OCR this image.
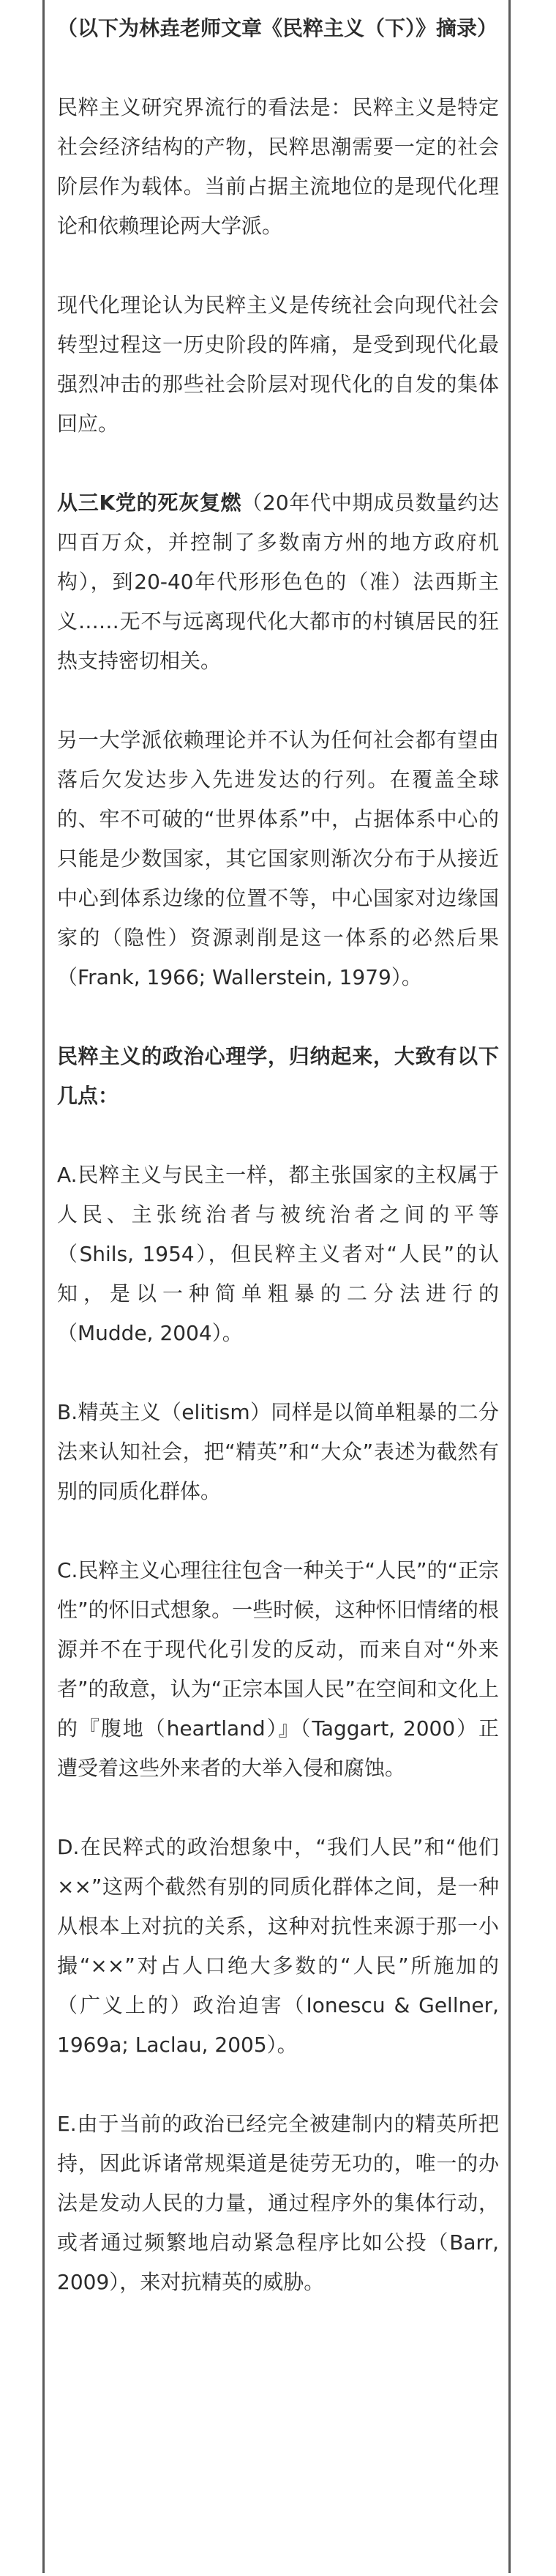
（以下为林垚老师文章《民粹主义（下）》摘录）

民粹主义研究界流行的看法是：民粹主义是特定社会经济结构的产物，民粹思潮需要一定的社会阶层作为载体。当前占据主流地位的是现代化理论和依赖理论两大学派。

现代化理论认为民粹主义是传统社会向现代社会转型过程这一历史阶段的阵痛，是受到现代化最强烈冲击的那些社会阶层对现代化的自发的集体回应。

从三K党的死灰复燃（20年代中期成员数量约达四百万众，并控制了多数南方州的地方政府机构），到20-40年代形形色色的（准）法西斯主义……无不与远离现代化大都市的村镇居民的狂热支持密切相关。

另一大学派依赖理论并不认为任何社会都有望由落后欠发达步入先进发达的行列。在覆盖全球的、牢不可破的“世界体系”中，占据体系中心的只能是少数国家，其它国家则渐次分布于从接近中心到体系边缘的位置不等，中心国家对边缘国家的（隐性）资源剥削是这一体系的必然后果（Frank, 1966; Wallerstein, 1979）。

民粹主义的政治心理学，归纳起来，大致有以下几点：

A.民粹主义与民主一样，都主张国家的主权属于人民、主张统治者与被统治者之间的平等（Shils, 1954），但民粹主义者对“人民”的认知，是以一种简单粗暴的二分法进行的（Mudde, 2004）。

B.精英主义（elitism）同样是以简单粗暴的二分法来认知社会，把“精英”和“大众”表述为截然有别的同质化群体。

C.民粹主义心理往往包含一种关于“人民”的“正宗性”的怀旧式想象。一些时候，这种怀旧情绪的根源并不在于现代化引发的反动，而来自对“外来者”的敌意，认为“正宗本国人民”在空间和文化上的『腹地（heartland）』（Taggart, 2000）正遭受着这些外来者的大举入侵和腐蚀。

D.在民粹式的政治想象中，“我们人民”和“他们××”这两个截然有别的同质化群体之间，是一种从根本上对抗的关系，这种对抗性来源于那一小撮“××”对占人口绝大多数的“人民”所施加的（广义上的）政治迫害（Ionescu & Gellner, 1969a; Laclau, 2005）。

E.由于当前的政治已经完全被建制内的精英所把持，因此诉诸常规渠道是徒劳无功的，唯一的办法是发动人民的力量，通过程序外的集体行动，或者通过频繁地启动紧急程序比如公投（Barr, 2009），来对抗精英的威胁。
